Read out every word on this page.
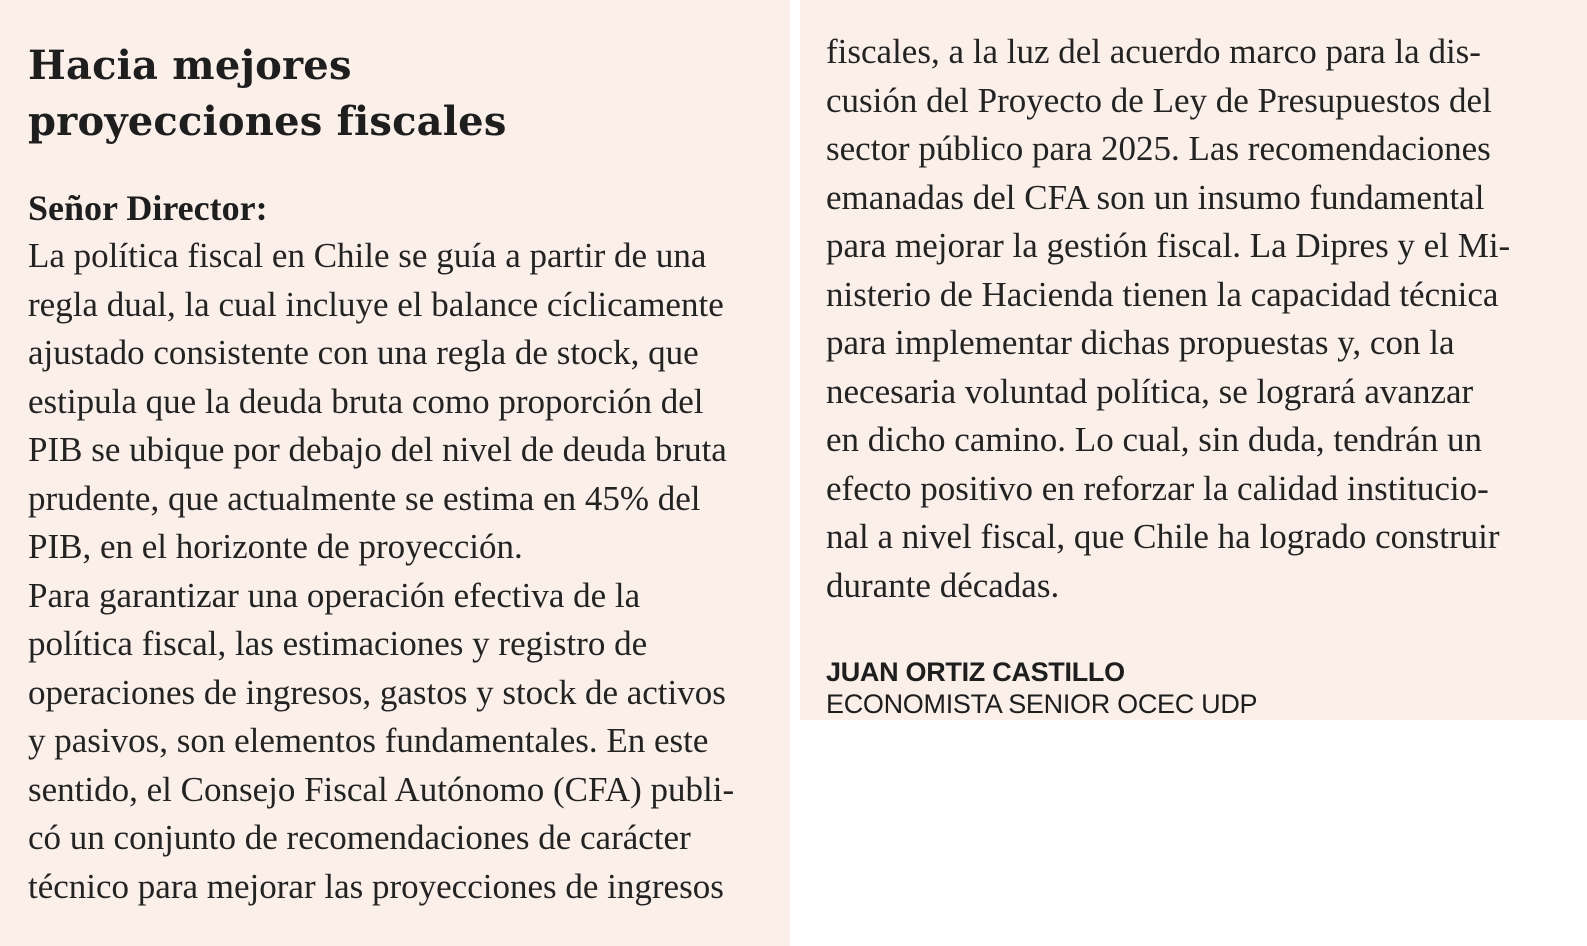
Hacia mejores
proyecciones fiscales

Señor Director:

La política fiscal en Chile se guía a partir de una
regla dual, la cual incluye el balance cíclicamente
ajustado consistente con una regla de stock, que
estipula que la deuda bruta como proporción del
PIB se ubique por debajo del nivel de deuda bruta
prudente, que actualmente se estima en 45% del
PIB, en el horizonte de proyección.
Para garantizar una operación efectiva de la
política fiscal, las estimaciones y registro de
operaciones de ingresos, gastos y stock de activos
y pasivos, son elementos fundamentales. En este
sentido, el Consejo Fiscal Autónomo (CFA) publi-
có un conjunto de recomendaciones de carácter
técnico para mejorar las proyecciones de ingresos
fiscales, a la luz del acuerdo marco para la dis-
cusión del Proyecto de Ley de Presupuestos del
sector público para 2025. Las recomendaciones
emanadas del CFA son un insumo fundamental
para mejorar la gestión fiscal. La Dipres y el Mi-
nisterio de Hacienda tienen la capacidad técnica
para implementar dichas propuestas y, con la
necesaria voluntad política, se logrará avanzar
en dicho camino. Lo cual, sin duda, tendrán un
efecto positivo en reforzar la calidad institucio-
nal a nivel fiscal, que Chile ha logrado construir
durante décadas.
JUAN ORTIZ CASTILLO
ECONOMISTA SENIOR OCEC UDP
